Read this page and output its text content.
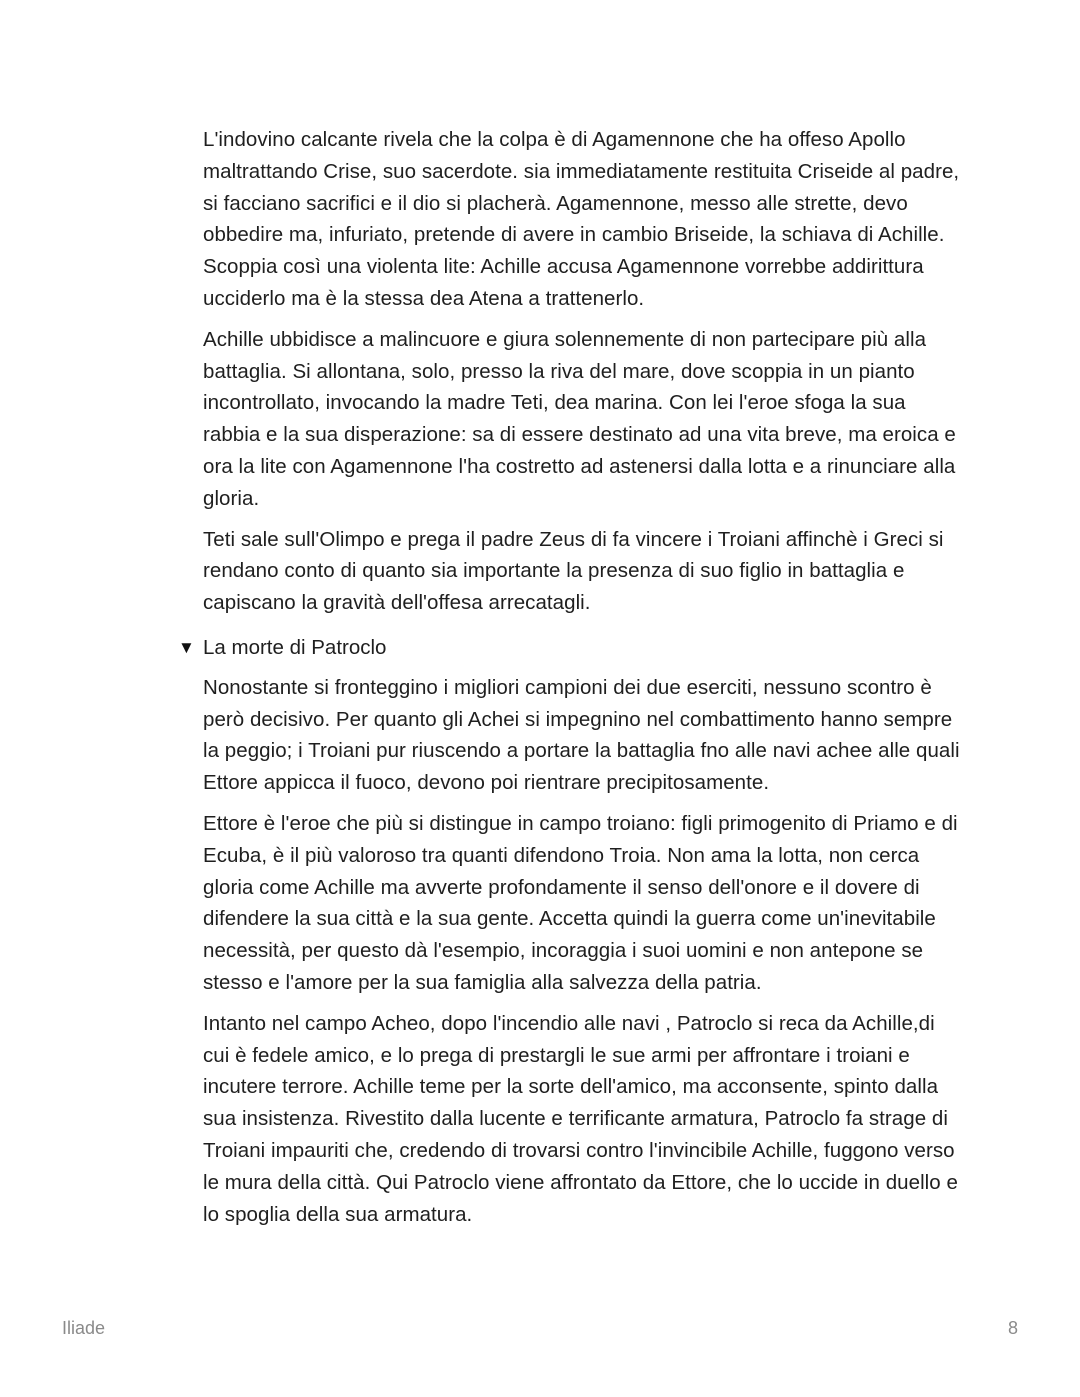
L'indovino calcante rivela che la colpa è di Agamennone che ha offeso Apollo maltrattando Crise, suo sacerdote. sia immediatamente restituita Criseide al padre, si facciano sacrifici e il dio si placherà. Agamennone, messo alle strette, devo obbedire ma, infuriato, pretende di avere in cambio Briseide, la schiava di Achille. Scoppia così una violenta lite: Achille accusa Agamennone vorrebbe addirittura ucciderlo ma è la stessa dea Atena a trattenerlo.

Achille ubbidisce a malincuore e giura solennemente di non partecipare più alla battaglia. Si allontana, solo, presso la riva del mare, dove scoppia in un pianto incontrollato, invocando la madre Teti, dea marina. Con lei l'eroe sfoga la sua rabbia e la sua disperazione: sa di essere destinato ad una vita breve, ma eroica e ora la lite con Agamennone l'ha costretto ad astenersi dalla lotta e a rinunciare alla gloria.

Teti sale sull'Olimpo e prega il padre Zeus di fa vincere i Troiani affinchè i Greci si rendano conto di quanto sia importante la presenza di suo figlio in battaglia e capiscano la gravità dell'offesa arrecatagli.

▼ La morte di Patroclo

Nonostante si fronteggino i migliori campioni dei due eserciti, nessuno scontro è però decisivo. Per quanto gli Achei si impegnino nel combattimento hanno sempre la peggio; i Troiani pur riuscendo a portare la battaglia fno alle navi achee alle quali Ettore appicca il fuoco, devono poi rientrare precipitosamente.

Ettore è l'eroe che più si distingue in campo troiano: figli primogenito di Priamo e di Ecuba, è il più valoroso tra quanti difendono Troia. Non ama la lotta, non cerca gloria come Achille ma avverte profondamente il senso dell'onore e il dovere di difendere la sua città e la sua gente. Accetta quindi la guerra come un'inevitabile necessità, per questo dà l'esempio, incoraggia i suoi uomini e non antepone se stesso e l'amore per la sua famiglia alla salvezza della patria.

Intanto nel campo Acheo, dopo l'incendio alle navi , Patroclo si reca da Achille,di cui è fedele amico, e lo prega di prestargli le sue armi per affrontare i troiani e incutere terrore. Achille teme per la sorte dell'amico, ma acconsente, spinto dalla sua insistenza. Rivestito dalla lucente e terrificante armatura, Patroclo fa strage di Troiani impauriti che, credendo di trovarsi contro l'invincibile Achille, fuggono verso le mura della città. Qui Patroclo viene affrontato da Ettore, che lo uccide in duello e lo spoglia della sua armatura.

Iliade	8
